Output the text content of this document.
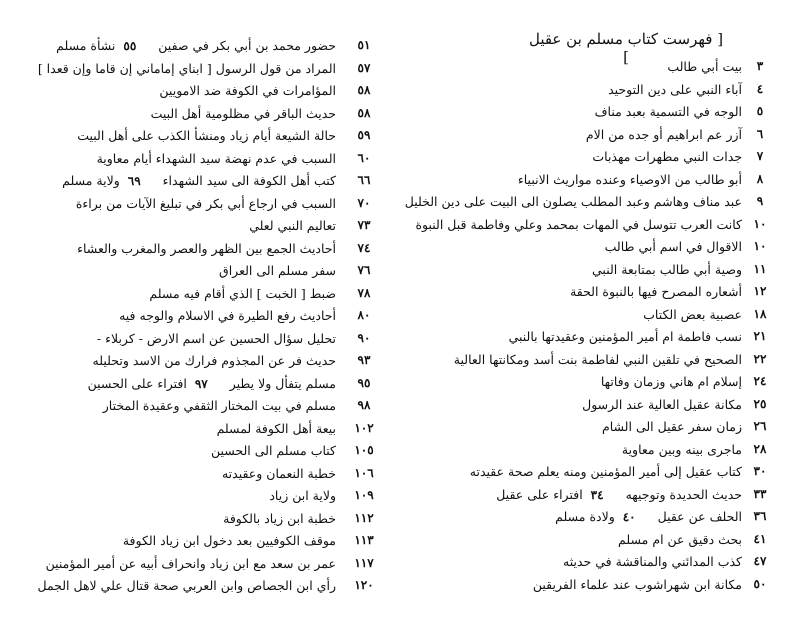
[ فهرست كتاب مسلم بن عقيل ]	٣
بيت أبي طالب
٤
آباء النبي على دين التوحيد
٥
الوجه في التسمية بعبد مناف
٦
آزر عم ابراهيم أو جده من الام
٧
جدات النبي مطهرات مهذبات
٨
أبو طالب من الاوصياء وعنده مواريث الانبياء
٩
عبد مناف وهاشم وعبد المطلب يصلون الى البيت على دين الخليل
١٠
كانت العرب تتوسل في المهات بمحمد وعلي وفاطمة قبل النبوة
١٠
الاقوال في اسم أبي طالب
١١
وصية أبي طالب بمتابعة النبي
١٢
أشعاره المصرح فيها بالنبوة الحقة
١٨
عصبية بعض الكتاب
٢١
نسب فاطمة ام أمير المؤمنين وعقيدتها بالنبي
٢٢
الصحيح في تلقين النبي لفاطمة بنت أسد ومكانتها العالية
٢٤
إسلام ام هاني وزمان وفاتها
٢٥
مكانة عقيل العالية عند الرسول
٢٦
زمان سفر عقيل الى الشام
٢٨
ماجرى بينه وبين معاوية
٣٠
كتاب عقيل إلى أمير المؤمنين ومنه يعلم صحة عقيدته
٣٣
حديث الحديدة وتوجيهه٣٤افتراء على عقيل
٣٦
الحلف عن عقيل٤٠ولادة مسلم
٤١
بحث دقيق عن ام مسلم
٤٧
كذب المدائني والمناقشة في حديثه
٥٠
مكانة ابن شهراشوب عند علماء الفريقين
٥١
حضور محمد بن أبي بكر في صفين٥٥نشأة مسلم
٥٧
المراد من قول الرسول [ ابناي إماماني إن قاما وإن قعدا ]
٥٨
المؤامرات في الكوفة ضد الامويين
٥٨
حديث الباقر في مظلومية أهل البيت
٥٩
حالة الشيعة أيام زياد ومنشأ الكذب على أهل البيت
٦٠
السبب في عدم نهضة سيد الشهداء أيام معاوية
٦٦
كتب أهل الكوفة الى سيد الشهداء٦٩ولاية مسلم
٧٠
السبب في ارجاع أبي بكر في تبليغ الآيات من براءة
٧٣
تعاليم النبي لعلي
٧٤
أحاديث الجمع بين الظهر والعصر والمغرب والعشاء
٧٦
سفر مسلم الى العراق
٧٨
ضبط [ الخبت ] الذي أقام فيه مسلم
٨٠
أحاديث رفع الطيرة في الاسلام والوجه فيه
٩٠
تحليل سؤال الحسين عن اسم الارض - كربلاء -
٩٣
حديث فر عن المجذوم فرارك من الاسد وتحليله
٩٥
مسلم يتفأل ولا يطير٩٧افتراء على الحسين
٩٨
مسلم في بيت المختار الثقفي وعقيدة المختار
١٠٢
بيعة أهل الكوفة لمسلم
١٠٥
كتاب مسلم الى الحسين
١٠٦
خطبة النعمان وعقيدته
١٠٩
ولاية ابن زياد
١١٢
خطبة ابن زياد بالكوفة
١١٣
موقف الكوفيين بعد دخول ابن زياد الكوفة
١١٧
عمر بن سعد مع ابن زياد وانحراف أبيه عن أمير المؤمنين
١٢٠
رأي ابن الجصاص وابن العربي صحة قتال علي لاهل الجمل
